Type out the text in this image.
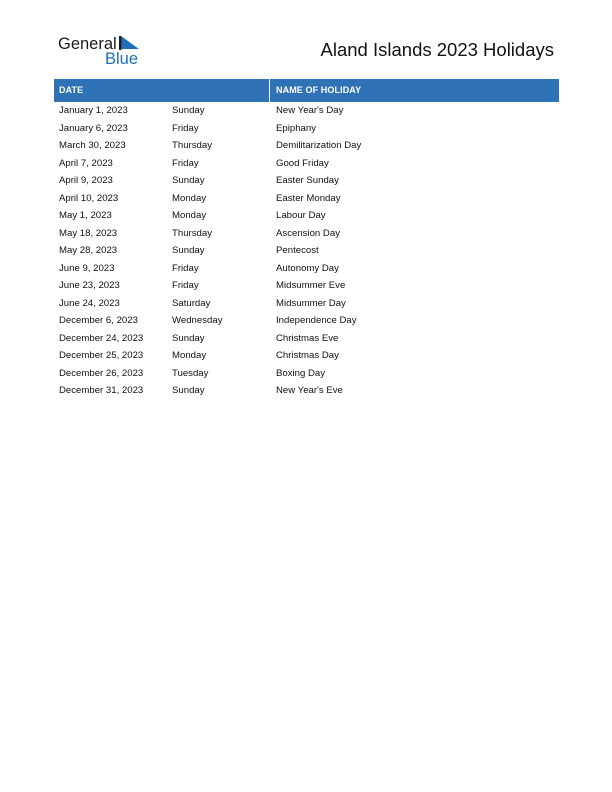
General
Blue	Aland Islands 2023 Holidays
DATE	NAME OF HOLIDAY
January 1, 2023	Sunday	New Year's Day
January 6, 2023	Friday	Epiphany
March 30, 2023	Thursday	Demilitarization Day
April 7, 2023	Friday	Good Friday
April 9, 2023	Sunday	Easter Sunday
April 10, 2023	Monday	Easter Monday
May 1, 2023	Monday	Labour Day
May 18, 2023	Thursday	Ascension Day
May 28, 2023	Sunday	Pentecost
June 9, 2023	Friday	Autonomy Day
June 23, 2023	Friday	Midsummer Eve
June 24, 2023	Saturday	Midsummer Day
December 6, 2023	Wednesday	Independence Day
December 24, 2023	Sunday	Christmas Eve
December 25, 2023	Monday	Christmas Day
December 26, 2023	Tuesday	Boxing Day
December 31, 2023	Sunday	New Year's Eve
